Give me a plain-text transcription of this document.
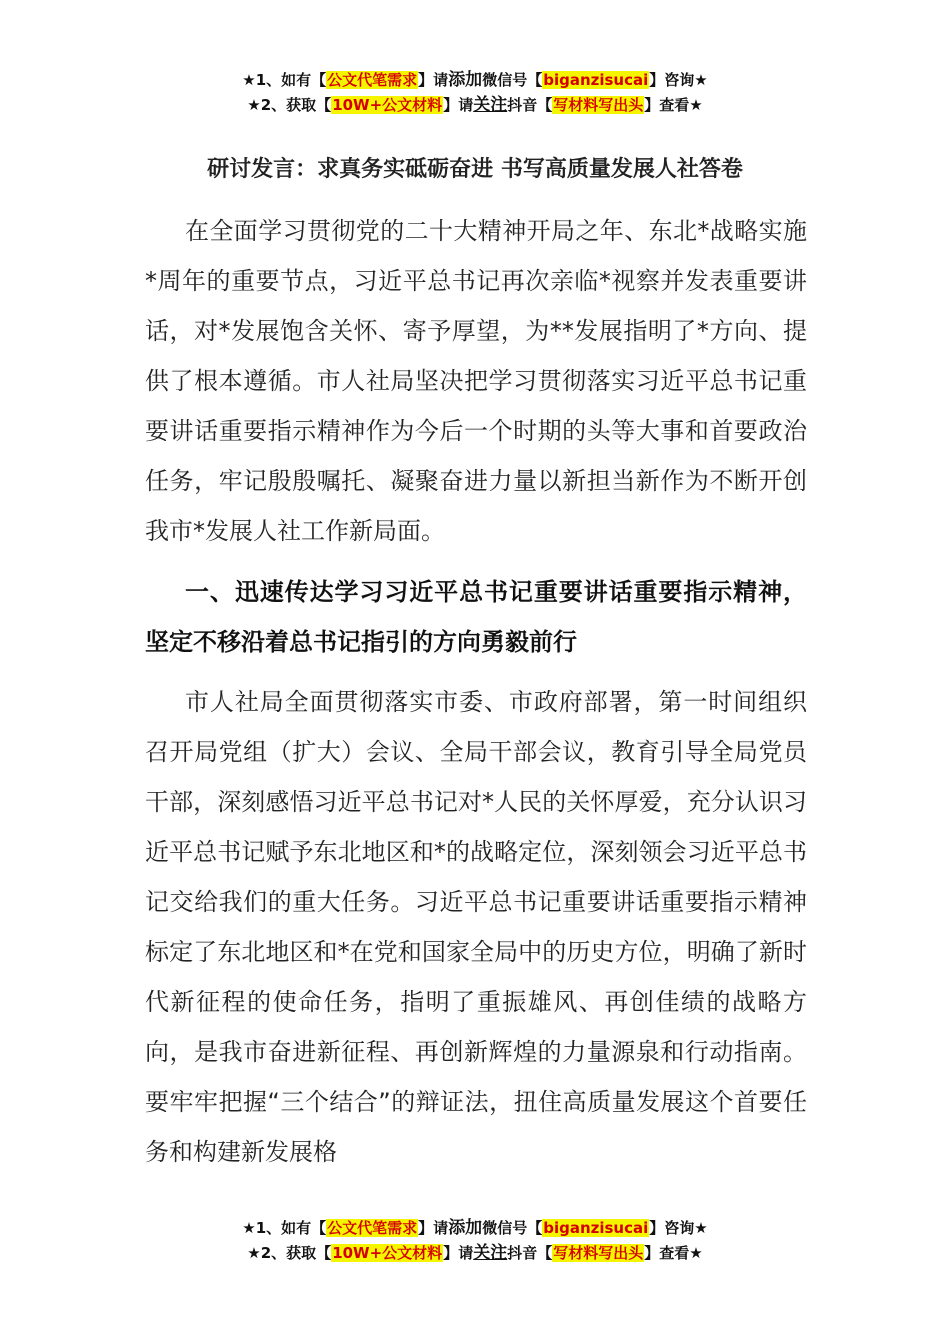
★1、如有【公文代笔需求】请添加微信号【biganzisucai】咨询★
★2、获取【10W+公文材料】请关注抖音【写材料写出头】查看★
研讨发言：求真务实砥砺奋进 书写高质量发展人社答卷

在全面学习贯彻党的二十大精神开局之年、东北*战略实施*周年的重要节点，习近平总书记再次亲临*视察并发表重要讲话，对*发展饱含关怀、寄予厚望，为**发展指明了*方向、提供了根本遵循。市人社局坚决把学习贯彻落实习近平总书记重要讲话重要指示精神作为今后一个时期的头等大事和首要政治任务，牢记殷殷嘱托、凝聚奋进力量以新担当新作为不断开创我市*发展人社工作新局面。

一、迅速传达学习习近平总书记重要讲话重要指示精神，坚定不移沿着总书记指引的方向勇毅前行

市人社局全面贯彻落实市委、市政府部署，第一时间组织召开局党组（扩大）会议、全局干部会议，教育引导全局党员干部，深刻感悟习近平总书记对*人民的关怀厚爱，充分认识习近平总书记赋予东北地区和*的战略定位，深刻领会习近平总书记交给我们的重大任务。习近平总书记重要讲话重要指示精神标定了东北地区和*在党和国家全局中的历史方位，明确了新时代新征程的使命任务，指明了重振雄风、再创佳绩的战略方向，是我市奋进新征程、再创新辉煌的力量源泉和行动指南。要牢牢把握“三个结合”的辩证法，扭住高质量发展这个首要任务和构建新发展格

★1、如有【公文代笔需求】请添加微信号【biganzisucai】咨询★
★2、获取【10W+公文材料】请关注抖音【写材料写出头】查看★
